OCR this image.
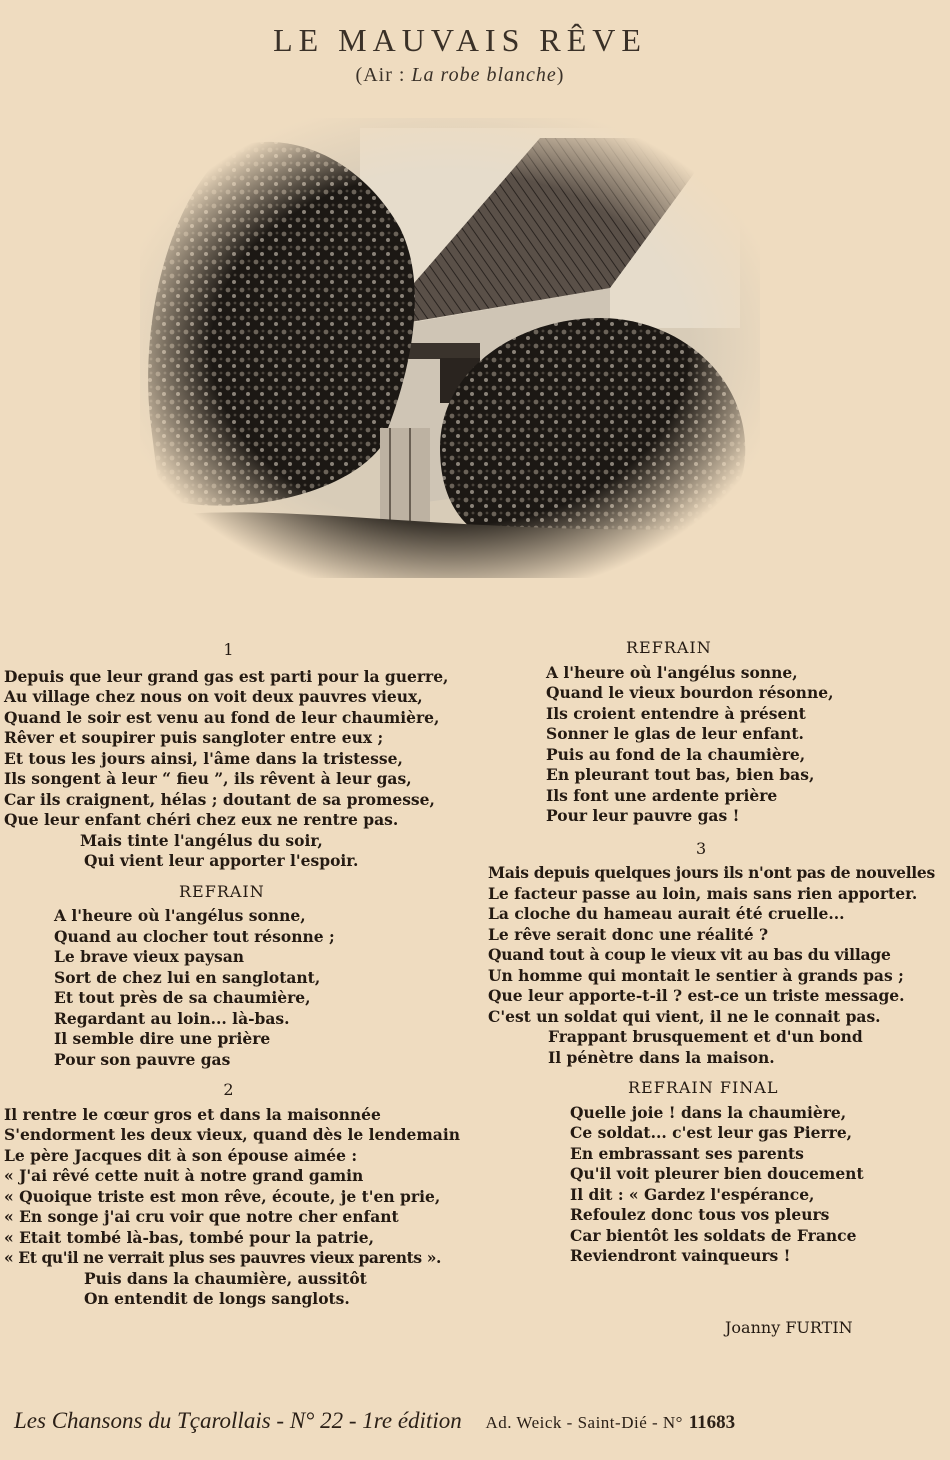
LE MAUVAIS RÊVE
(Air : La robe blanche)
1
Depuis que leur grand gas est parti pour la guerre,
Au village chez nous on voit deux pauvres vieux,
Quand le soir est venu au fond de leur chaumière,
Rêver et soupirer puis sangloter entre eux ;
Et tous les jours ainsi, l'âme dans la tristesse,
Ils songent à leur “ fieu ”, ils rêvent à leur gas,
Car ils craignent, hélas ; doutant de sa promesse,
Que leur enfant chéri chez eux ne rentre pas.
Mais tinte l'angélus du soir,
Qui vient leur apporter l'espoir.
REFRAIN
A l'heure où l'angélus sonne,
Quand au clocher tout résonne ;
Le brave vieux paysan
Sort de chez lui en sanglotant,
Et tout près de sa chaumière,
Regardant au loin... là-bas.
Il semble dire une prière
Pour son pauvre gas
2
Il rentre le cœur gros et dans la maisonnée
S'endorment les deux vieux, quand dès le lendemain
Le père Jacques dit à son épouse aimée :
« J'ai rêvé cette nuit à notre grand gamin
« Quoique triste est mon rêve, écoute, je t'en prie,
« En songe j'ai cru voir que notre cher enfant
« Etait tombé là-bas, tombé pour la patrie,
« Et qu'il ne verrait plus ses pauvres vieux parents ».
Puis dans la chaumière, aussitôt
On entendit de longs sanglots.
REFRAIN
A l'heure où l'angélus sonne,
Quand le vieux bourdon résonne,
Ils croient entendre à présent
Sonner le glas de leur enfant.
Puis au fond de la chaumière,
En pleurant tout bas, bien bas,
Ils font une ardente prière
Pour leur pauvre gas !
3
Mais depuis quelques jours ils n'ont pas de nouvelles
Le facteur passe au loin, mais sans rien apporter.
La cloche du hameau aurait été cruelle...
Le rêve serait donc une réalité ?
Quand tout à coup le vieux vit au bas du village
Un homme qui montait le sentier à grands pas ;
Que leur apporte-t-il ? est-ce un triste message.
C'est un soldat qui vient, il ne le connait pas.
Frappant brusquement et d'un bond
Il pénètre dans la maison.
REFRAIN FINAL
Quelle joie ! dans la chaumière,
Ce soldat... c'est leur gas Pierre,
En embrassant ses parents
Qu'il voit pleurer bien doucement
Il dit : « Gardez l'espérance,
Refoulez donc tous vos pleurs
Car bientôt les soldats de France
Reviendront vainqueurs !
Joanny FURTIN
Les Chansons du Tçarollais - N° 22 - 1re édition Ad. Weick - Saint-Dié - N° 11683
